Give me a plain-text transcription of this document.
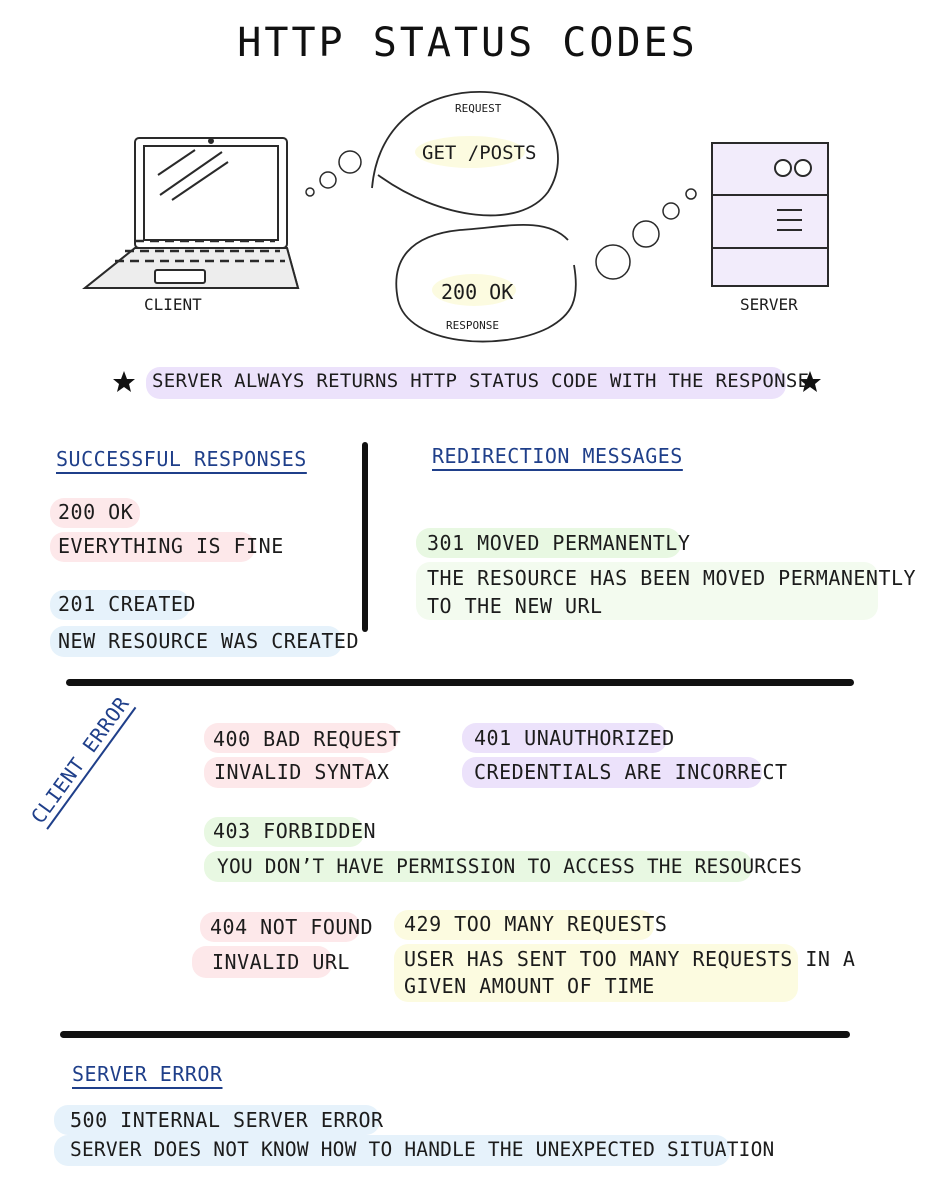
HTTP STATUS CODES
CLIENT	SERVER
REQUEST
GET /POSTS
200 OK
RESPONSE
SERVER ALWAYS RETURNS HTTP STATUS CODE WITH THE RESPONSE
SUCCESSFUL RESPONSES
200 OK
EVERYTHING IS FINE
201 CREATED
NEW RESOURCE WAS CREATED
REDIRECTION MESSAGES
301 MOVED PERMANENTLY
THE RESOURCE HAS BEEN MOVED PERMANENTLY
TO THE NEW URL
CLIENT ERROR	400 BAD REQUEST
INVALID SYNTAX
401 UNAUTHORIZED
CREDENTIALS ARE INCORRECT
403 FORBIDDEN
YOU DON’T HAVE PERMISSION TO ACCESS THE RESOURCES
404 NOT FOUND
INVALID URL
429 TOO MANY REQUESTS
USER HAS SENT TOO MANY REQUESTS IN A
GIVEN AMOUNT OF TIME
SERVER ERROR
500 INTERNAL SERVER ERROR
SERVER DOES NOT KNOW HOW TO HANDLE THE UNEXPECTED SITUATION
